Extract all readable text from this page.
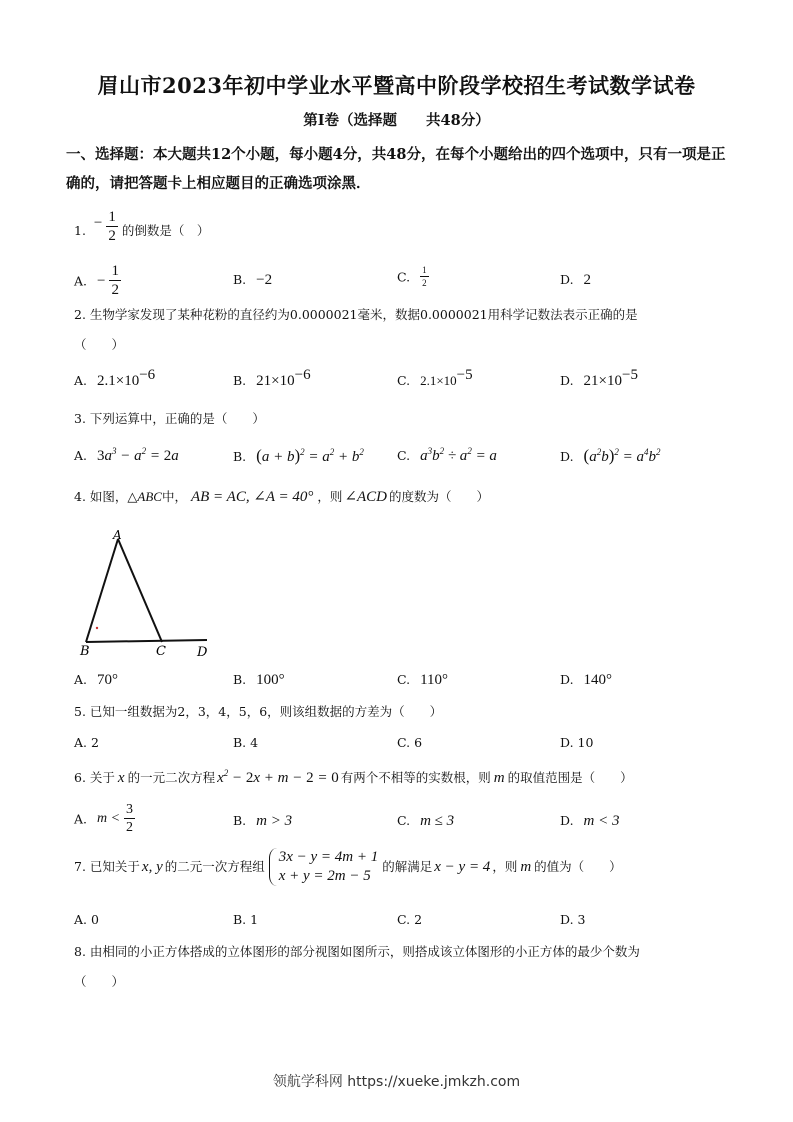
眉山市2023年初中学业水平暨高中阶段学校招生考试数学试卷
第Ⅰ卷（选择题　　共48分）
一、选择题：本大题共12个小题，每小题4分，共48分，在每个小题给出的四个选项中，只有一项是正确的，请把答题卡上相应题目的正确选项涂黑．
1. − $\frac{1}{2}$ 的倒数是（　）
A. − $\frac{1}{2}$	B. −2	C. $\frac{1}{2}$	D. 2
2. 生物学家发现了某种花粉的直径约为0.0000021毫米，数据0.0000021用科学记数法表示正确的是
（　　）
A. $2.1\times 10^{-6}$	B. $21\times 10^{-6}$	C. $2.1\times 10^{-5}$	D. $21\times 10^{-5}$
3. 下列运算中，正确的是（　　）
A. $3a^3 - a^2 = 2a$	B. $(a + b)^2 = a^2 + b^2$	C. $a^3b^2 \div a^2 = a$	D. $(a^2b)^2 = a^4b^2$
4. 如图，△ABC中， AB = AC, ∠A = 40° ，则 ∠ACD 的度数为（　　）
A
B	C D
A. 70°	B. 100°	C. 110°	D. 140°
5. 已知一组数据为2，3，4，5，6，则该组数据的方差为（　　）
A. 2	B. 4	C. 6	D. 10
6. 关于 x 的一元二次方程 $x^2 - 2x + m - 2 = 0$ 有两个不相等的实数根，则 m 的取值范围是（　　）
A. $m < \frac{3}{2}$	B. m > 3	C. m ≤ 3	D. m < 3
7. 已知关于 x, y 的二元一次方程组
3x − y = 4m + 1
x + y = 2m − 5
的解满足 x − y = 4 ，则 m 的值为（　　）
A. 0	B. 1	C. 2	D. 3
8. 由相同的小正方体搭成的立体图形的部分视图如图所示，则搭成该立体图形的小正方体的最少个数为
（　　）
领航学科网 https://xueke.jmkzh.com
